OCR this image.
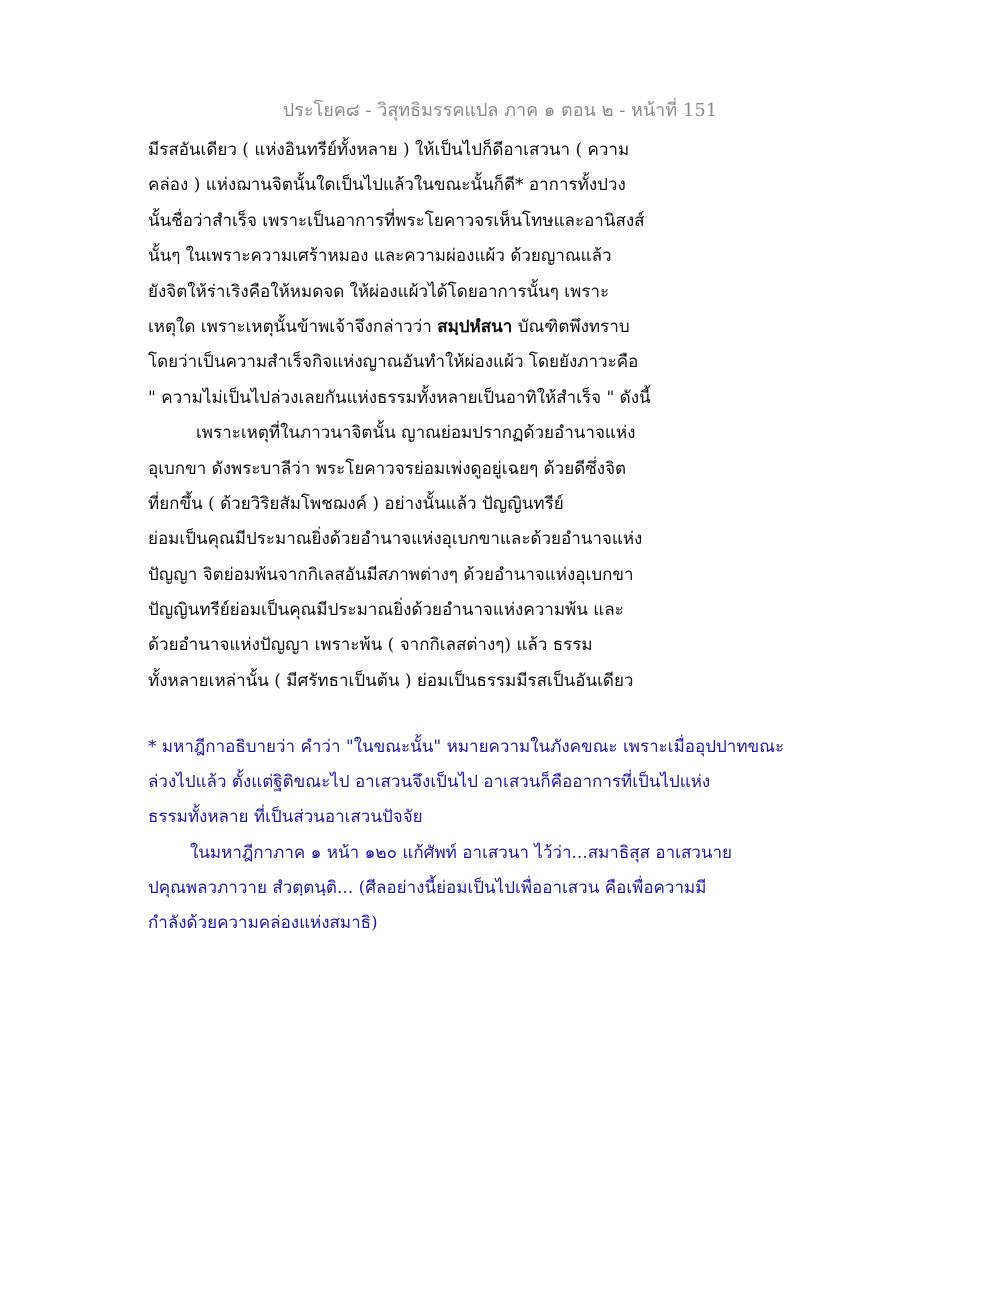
ประโยค๘ - วิสุทธิมรรคแปล ภาค ๑ ตอน ๒ - หน้าที่ 151
มีรสอันเดียว ( แห่งอินทรีย์ทั้งหลาย ) ให้เป็นไปก็ดีอาเสวนา ( ความ
คล่อง ) แห่งฌานจิตนั้นใดเป็นไปแล้วในขณะนั้นก็ดี* อาการทั้งปวง
นั้นชื่อว่าสำเร็จ เพราะเป็นอาการที่พระโยคาวจรเห็นโทษและอานิสงส์
นั้นๆ ในเพราะความเศร้าหมอง และความผ่องแผ้ว ด้วยญาณแล้ว
ยังจิตให้ร่าเริงคือให้หมดจด ให้ผ่องแผ้วได้โดยอาการนั้นๆ เพราะ
เหตุใด เพราะเหตุนั้นข้าพเจ้าจึงกล่าวว่า สมฺปหํสนา บัณฑิตพึงทราบ
โดยว่าเป็นความสำเร็จกิจแห่งญาณอันทำให้ผ่องแผ้ว โดยยังภาวะคือ
" ความไม่เป็นไปล่วงเลยกันแห่งธรรมทั้งหลายเป็นอาทิให้สำเร็จ " ดังนี้
เพราะเหตุที่ในภาวนาจิตนั้น ญาณย่อมปรากฏด้วยอำนาจแห่ง
อุเบกขา ดังพระบาลีว่า พระโยคาวจรย่อมเพ่งดูอยู่เฉยๆ ด้วยดีซึ่งจิต
ที่ยกขึ้น ( ด้วยวิริยสัมโพชฌงค์ ) อย่างนั้นแล้ว ปัญญินทรีย์
ย่อมเป็นคุณมีประมาณยิ่งด้วยอำนาจแห่งอุเบกขาและด้วยอำนาจแห่ง
ปัญญา จิตย่อมพ้นจากกิเลสอันมีสภาพต่างๆ ด้วยอำนาจแห่งอุเบกขา
ปัญญินทรีย์ย่อมเป็นคุณมีประมาณยิ่งด้วยอำนาจแห่งความพ้น และ
ด้วยอำนาจแห่งปัญญา เพราะพ้น ( จากกิเลสต่างๆ) แล้ว ธรรม
ทั้งหลายเหล่านั้น ( มีศรัทธาเป็นต้น ) ย่อมเป็นธรรมมีรสเป็นอันเดียว
* มหาฎีกาอธิบายว่า คำว่า "ในขณะนั้น" หมายความในภังคขณะ เพราะเมื่ออุปปาทขณะ
ล่วงไปแล้ว ตั้งแต่ฐิติขณะไป อาเสวนจึงเป็นไป อาเสวนก็คืออาการที่เป็นไปแห่ง
ธรรมทั้งหลาย ที่เป็นส่วนอาเสวนปัจจัย
ในมหาฎีกาภาค ๑ หน้า ๑๒๐ แก้ศัพท์ อาเสวนา ไว้ว่า...สมาธิสุส อาเสวนาย
ปคุณพลวภาวาย สํวตฺตนฺติ... (ศีลอย่างนี้ย่อมเป็นไปเพื่ออาเสวน คือเพื่อความมี
กำลังด้วยความคล่องแห่งสมาธิ)
